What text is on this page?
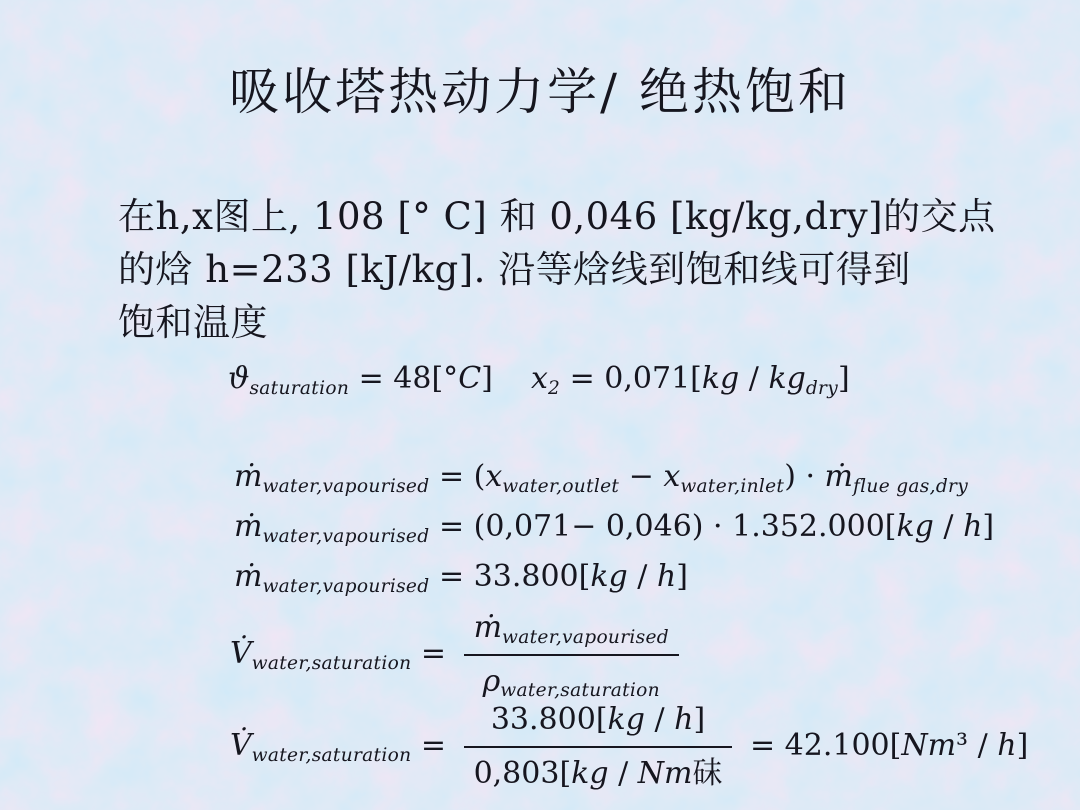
吸收塔热动力学/ 绝热饱和
在h,x图上, 108 [° C] 和 0,046 [kg/kg,dry]的交点
的焓 h=233 [kJ/kg]. 沿等焓线到饱和线可得到
饱和温度
ϑsaturation = 48[°C]    x2 = 0,071[kg / kgdry]
ṁwater,vapourised = (xwater,outlet − xwater,inlet) · ṁflue gas,dry
ṁwater,vapourised = (0,071− 0,046) · 1.352.000[kg / h]
ṁwater,vapourised = 33.800[kg / h]
V̇water,saturation = $\frac{\text{ṁwater,vapourised}}{\text{ρwater,saturation}}$
V̇water,saturation = $\frac{33.800[kg / h]}{\text{0,803[kg / Nm砞}} = 42.100[Nm^3 / h]$
